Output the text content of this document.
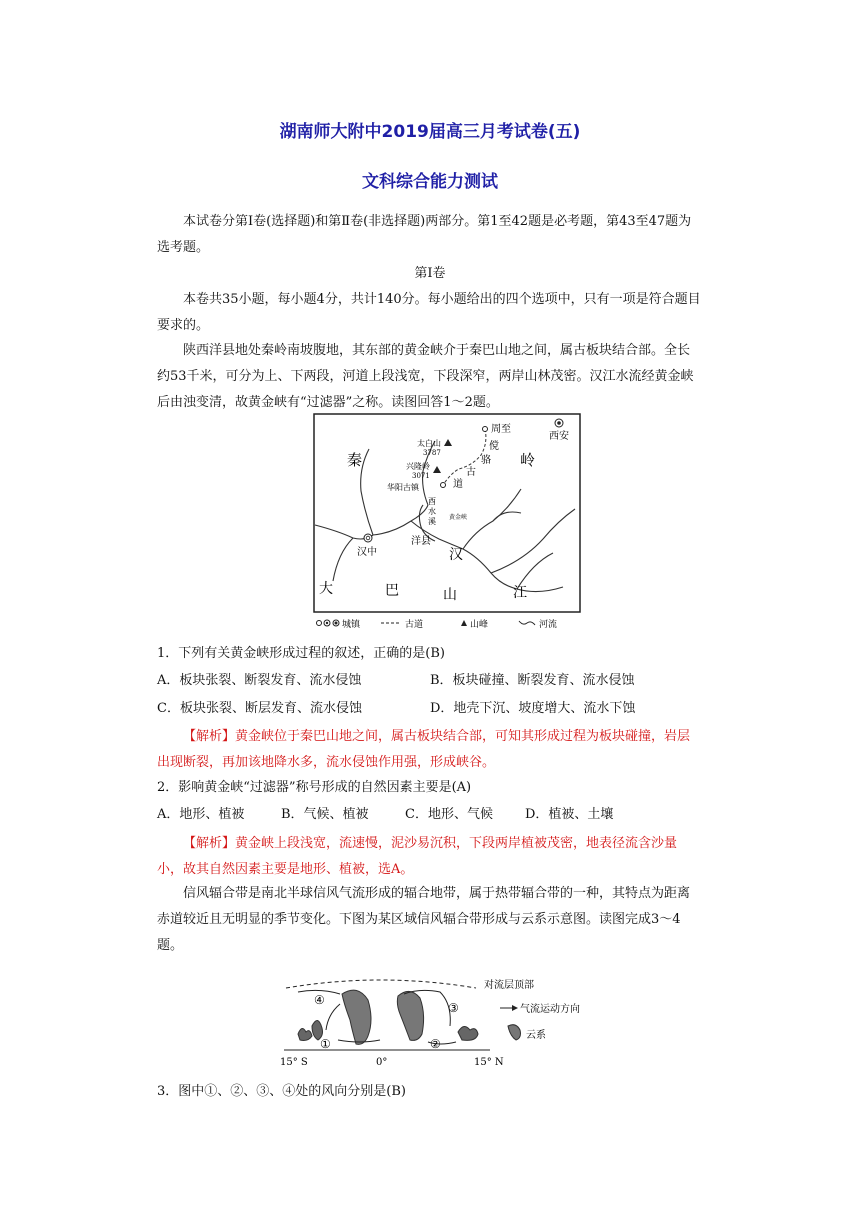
湖南师大附中2019届高三月考试卷(五)
文科综合能力测试

本试卷分第Ⅰ卷(选择题)和第Ⅱ卷(非选择题)两部分。第1至42题是必考题，第43至47题为选考题。

第Ⅰ卷

本卷共35小题，每小题4分，共计140分。每小题给出的四个选项中，只有一项是符合题目要求的。

陕西洋县地处秦岭南坡腹地，其东部的黄金峡介于秦巴山地之间，属古板块结合部。全长约53千米，可分为上、下两段，河道上段浅宽，下段深窄，两岸山林茂密。汉江水流经黄金峡后由浊变清，故黄金峡有“过滤器”之称。读图回答1～2题。

周至
西安
太白山
3787
兴隆岭
3071
华阳古镇
秦	岭
傥
骆
古
道
酉
水
溪 黄金峡
汉中
洋县
汉
江
大	巴	山
城镇	古道	山峰	河流
1．下列有关黄金峡形成过程的叙述，正确的是(B)
A．板块张裂、断裂发育、流水侵蚀	B．板块碰撞、断裂发育、流水侵蚀
C．板块张裂、断层发育、流水侵蚀	D．地壳下沉、坡度增大、流水下蚀

【解析】黄金峡位于秦巴山地之间，属古板块结合部，可知其形成过程为板块碰撞，岩层出现断裂，再加该地降水多，流水侵蚀作用强，形成峡谷。

2．影响黄金峡“过滤器”称号形成的自然因素主要是(A)
A．地形、植被	B．气候、植被	C．地形、气候 D．植被、土壤

【解析】黄金峡上段浅宽，流速慢，泥沙易沉积，下段两岸植被茂密，地表径流含沙量小，故其自然因素主要是地形、植被，选A。

信风辐合带是南北半球信风气流形成的辐合地带，属于热带辐合带的一种，其特点为距离赤道较近且无明显的季节变化。下图为某区域信风辐合带形成与云系示意图。读图完成3～4题。

对流层顶部
④
③
①	②
15° S	0°	15° N
气流运动方向
云系
3．图中①、②、③、④处的风向分别是(B)
